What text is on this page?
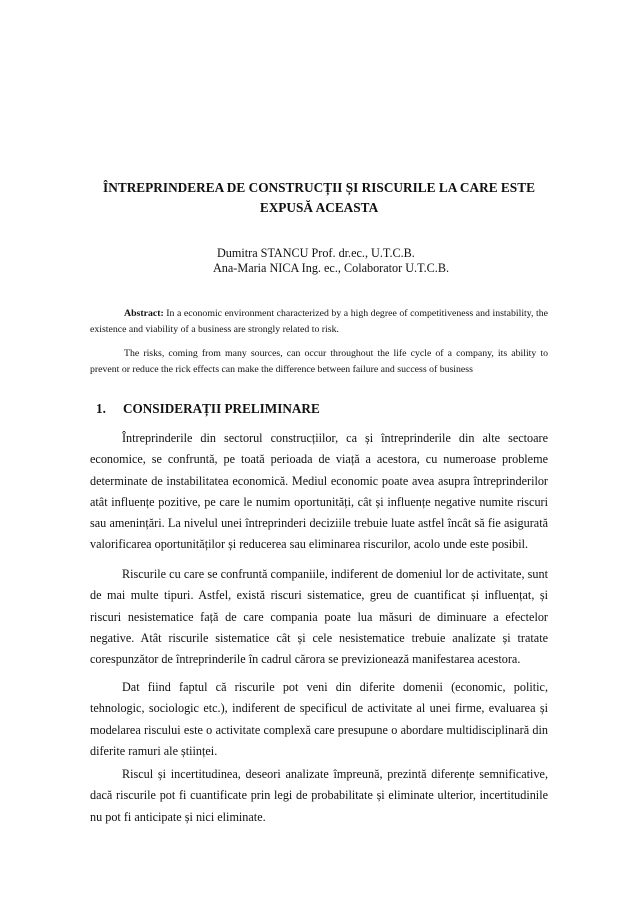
ÎNTREPRINDEREA DE CONSTRUCȚII ȘI RISCURILE LA CARE ESTE
EXPUSĂ ACEASTA
Dumitra STANCU Prof. dr.ec., U.T.C.B.
Ana-Maria NICA Ing. ec., Colaborator U.T.C.B.
Abstract: In a economic environment characterized by a high degree of competitiveness and instability, the existence and viability of a business are strongly related to risk.
The risks, coming from many sources, can occur throughout the life cycle of a company, its ability to prevent or reduce the rick effects can make the difference between failure and success of business
1. CONSIDERAȚII PRELIMINARE
Întreprinderile din sectorul construcțiilor, ca și întreprinderile din alte sectoare economice, se confruntă, pe toată perioada de viață a acestora, cu numeroase probleme determinate de instabilitatea economică. Mediul economic poate avea asupra întreprinderilor atât influențe pozitive, pe care le numim oportunități, cât și influențe negative numite riscuri sau amenințări. La nivelul unei întreprinderi deciziile trebuie luate astfel încât să fie asigurată valorificarea oportunităților și reducerea sau eliminarea riscurilor, acolo unde este posibil.
Riscurile cu care se confruntă companiile, indiferent de domeniul lor de activitate, sunt de mai multe tipuri. Astfel, există riscuri sistematice, greu de cuantificat și influențat, și riscuri nesistematice față de care compania poate lua măsuri de diminuare a efectelor negative. Atât riscurile sistematice cât și cele nesistematice trebuie analizate și tratate corespunzător de întreprinderile în cadrul cărora se previzionează manifestarea acestora.
Dat fiind faptul că riscurile pot veni din diferite domenii (economic, politic, tehnologic, sociologic etc.), indiferent de specificul de activitate al unei firme, evaluarea și modelarea riscului este o activitate complexă care presupune o abordare multidisciplinară din diferite ramuri ale științei.
Riscul și incertitudinea, deseori analizate împreună, prezintă diferențe semnificative, dacă riscurile pot fi cuantificate prin legi de probabilitate și eliminate ulterior, incertitudinile nu pot fi anticipate și nici eliminate.
